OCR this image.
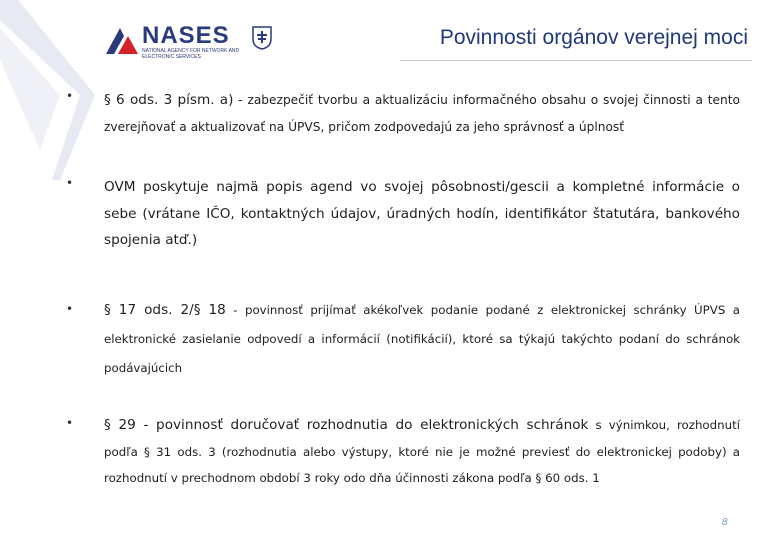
NASES
NATIONAL AGENCY FOR NETWORK AND ELECTRONIC SERVICES
Povinnosti orgánov verejnej moci
• § 6 ods. 3 písm. a) - zabezpečiť tvorbu a aktualizáciu informačného obsahu o svojej činnosti a tento zverejňovať a aktualizovať na ÚPVS, pričom zodpovedajú za jeho správnosť a úplnosť
• OVM poskytuje najmä popis agend vo svojej pôsobnosti/gescii a kompletné informácie o sebe (vrátane IČO, kontaktných údajov, úradných hodín, identifikátor štatutára, bankového spojenia atď.)
• § 17 ods. 2/§ 18 - povinnosť prijímať akékoľvek podanie podané z elektronickej schránky ÚPVS a elektronické zasielanie odpovedí a informácií (notifikácií), ktoré sa týkajú takýchto podaní do schránok podávajúcich
• § 29 - povinnosť doručovať rozhodnutia do elektronických schránok s výnimkou, rozhodnutí podľa § 31 ods. 3 (rozhodnutia alebo výstupy, ktoré nie je možné previesť do elektronickej podoby) a rozhodnutí v prechodnom období 3 roky odo dňa účinnosti zákona podľa § 60 ods. 1
8
